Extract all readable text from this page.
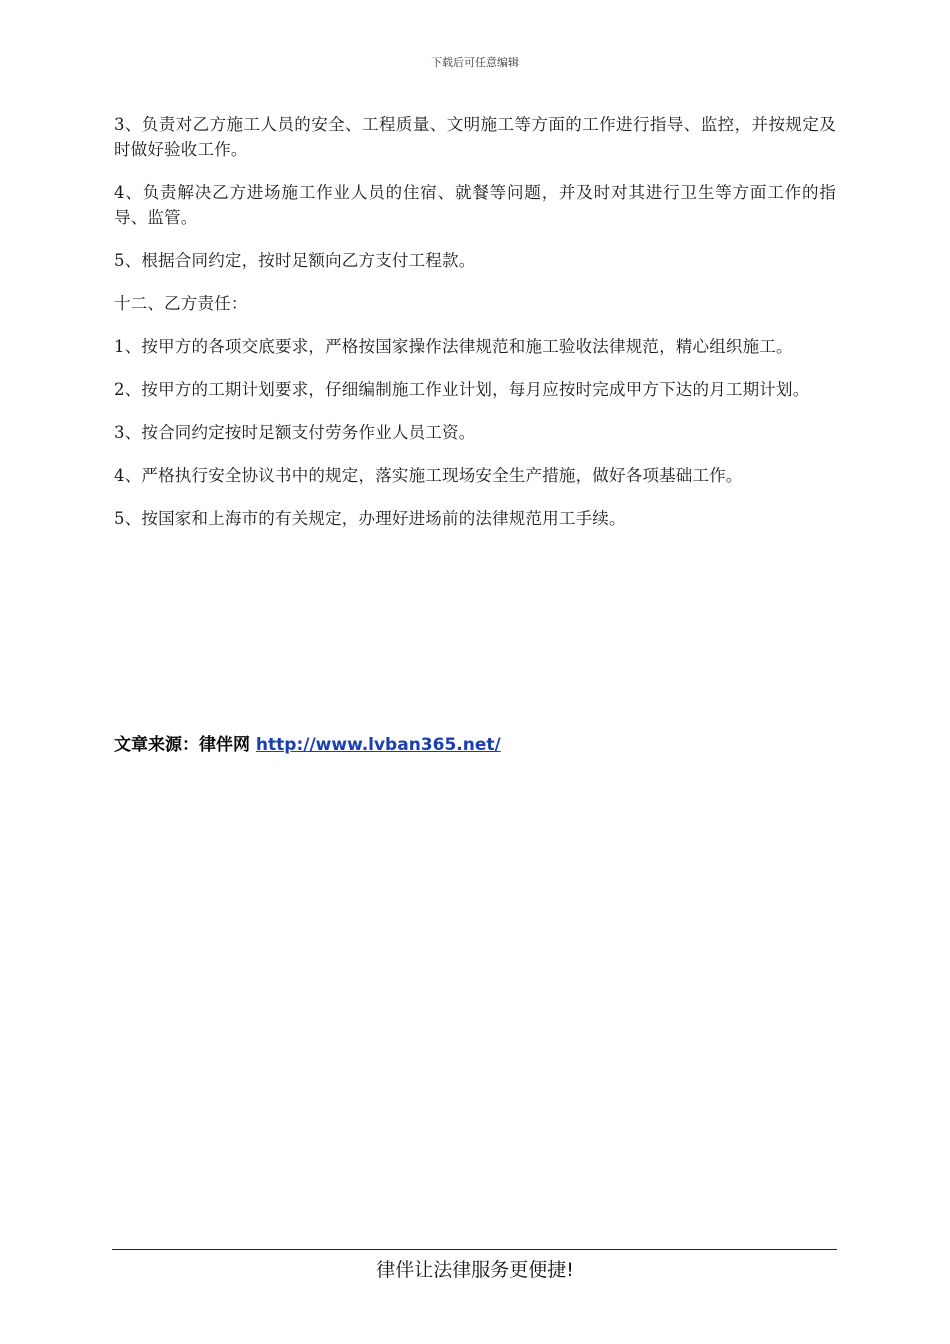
下载后可任意编辑

3、负责对乙方施工人员的安全、工程质量、文明施工等方面的工作进行指导、监控，并按规定及时做好验收工作。

4、负责解决乙方进场施工作业人员的住宿、就餐等问题，并及时对其进行卫生等方面工作的指导、监管。

5、根据合同约定，按时足额向乙方支付工程款。

十二、乙方责任：

1、按甲方的各项交底要求，严格按国家操作法律规范和施工验收法律规范，精心组织施工。

2、按甲方的工期计划要求，仔细编制施工作业计划，每月应按时完成甲方下达的月工期计划。

3、按合同约定按时足额支付劳务作业人员工资。

4、严格执行安全协议书中的规定，落实施工现场安全生产措施，做好各项基础工作。

5、按国家和上海市的有关规定，办理好进场前的法律规范用工手续。

文章来源：律伴网 http://www.lvban365.net/
律伴让法律服务更便捷!
